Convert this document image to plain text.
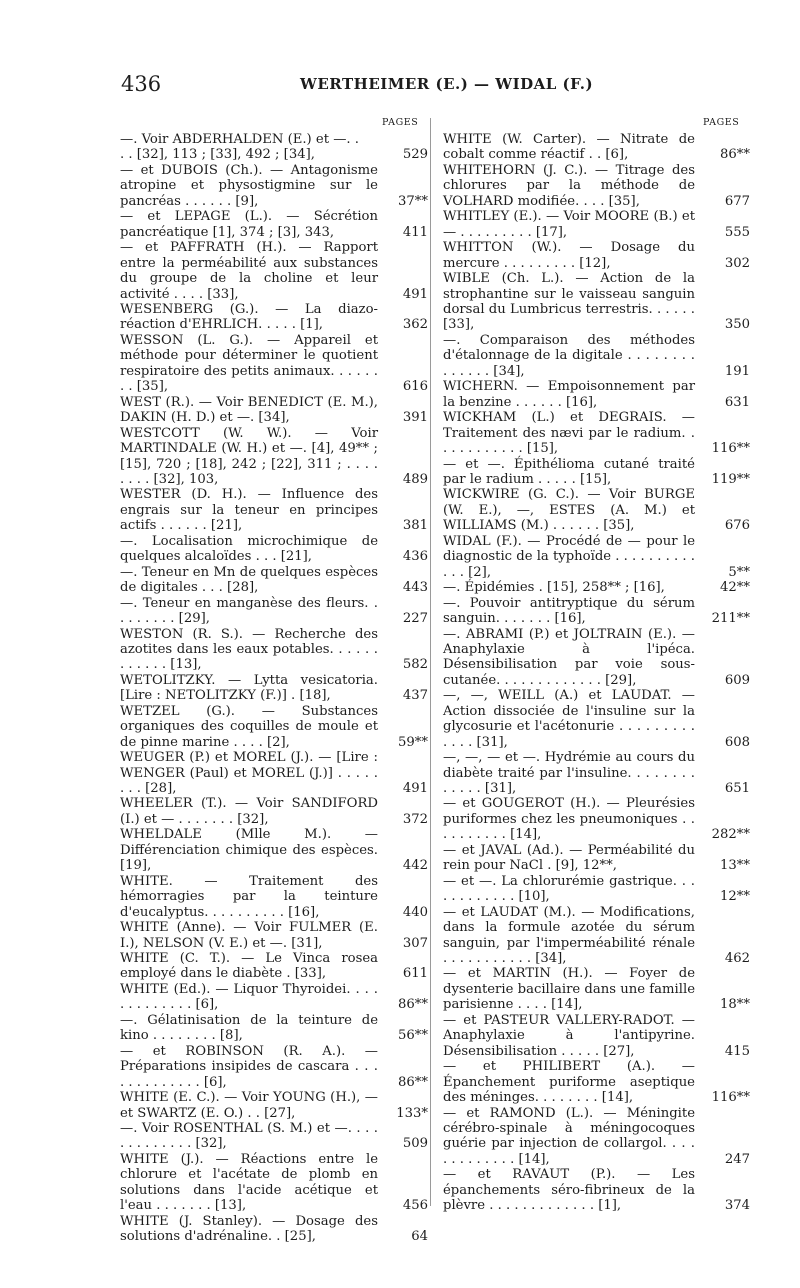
436	WERTHEIMER (E.) — WIDAL (F.)
PAGES	PAGES
—. Voir ABDERHALDEN (E.) et —. .
. . [32], 113 ; [33], 492 ; [34],	529
— et DUBOIS (Ch.). — Antagonisme atropine et physostigmine sur le pancréas . . . . . . [9],	37**
— et LEPAGE (L.). — Sécrétion pancréatique [1], 374 ; [3], 343,	411
— et PAFFRATH (H.). — Rapport entre la perméabilité aux substances du groupe de la choline et leur activité . . . . [33],	491
WESENBERG (G.). — La diazo-réaction d'EHRLICH. . . . . [1],	362
WESSON (L. G.). — Appareil et méthode pour déterminer le quotient respiratoire des petits animaux. . . . . . . . [35],	616
WEST (R.). — Voir BENEDICT (E. M.), DAKIN (H. D.) et —. [34],	391
WESTCOTT (W. W.). — Voir MARTINDALE (W. H.) et —. [4], 49** ; [15], 720 ; [18], 242 ; [22], 311 ; . . . . . . . . [32], 103,	489
WESTER (D. H.). — Influence des engrais sur la teneur en principes actifs . . . . . . [21],	381
—. Localisation microchimique de quelques alcaloïdes . . . [21],	436
—. Teneur en Mn de quelques espèces de digitales . . . [28],	443
—. Teneur en manganèse des fleurs. . . . . . . . . [29],	227
WESTON (R. S.). — Recherche des azotites dans les eaux potables. . . . . . . . . . . . [13],	582
WETOLITZKY. — Lytta vesicatoria. [Lire : NETOLITZKY (F.)] . [18],	437
WETZEL (G.). — Substances organiques des coquilles de moule et de pinne marine . . . . [2],	59**
WEUGER (P.) et MOREL (J.). — [Lire : WENGER (Paul) et MOREL (J.)] . . . . . . . . [28],	491
WHEELER (T.). — Voir SANDIFORD (I.) et — . . . . . . . [32],	372
WHELDALE (Mlle M.). — Différenciation chimique des espèces. [19],	442
WHITE. — Traitement des hémorragies par la teinture d'eucalyptus. . . . . . . . . . [16],	440
WHITE (Anne). — Voir FULMER (E. I.), NELSON (V. E.) et —. [31],	307
WHITE (C. T.). — Le Vinca rosea employé dans le diabète . [33],	611
WHITE (Ed.). — Liquor Thyroidei. . . . . . . . . . . . . [6],	86**
—. Gélatinisation de la teinture de kino . . . . . . . . [8],	56**
— et ROBINSON (R. A.). — Préparations insipides de cascara . . . . . . . . . . . . . [6],	86**
WHITE (E. C.). — Voir YOUNG (H.), — et SWARTZ (E. O.) . . [27],	133*
—. Voir ROSENTHAL (S. M.) et —. . . . . . . . . . . . . [32],	509
WHITE (J.). — Réactions entre le chlorure et l'acétate de plomb en solutions dans l'acide acétique et l'eau . . . . . . . [13],	456
WHITE (J. Stanley). — Dosage des solutions d'adrénaline. . [25],	64
WHITE (W. Carter). — Nitrate de cobalt comme réactif . . [6],	86**
WHITEHORN (J. C.). — Titrage des chlorures par la méthode de VOLHARD modifiée. . . . [35],	677
WHITLEY (E.). — Voir MOORE (B.) et — . . . . . . . . . [17],	555
WHITTON (W.). — Dosage du mercure . . . . . . . . . [12],	302
WIBLE (Ch. L.). — Action de la strophantine sur le vaisseau sanguin dorsal du Lumbricus terrestris. . . . . . [33],	350
—. Comparaison des méthodes d'étalonnage de la digitale . . . . . . . . . . . . . . [34],	191
WICHERN. — Empoisonnement par la benzine . . . . . . [16],	631
WICKHAM (L.) et DEGRAIS. — Traitement des nævi par le radium. . . . . . . . . . . . [15],	116**
— et —. Épithélioma cutané traité par le radium . . . . . [15],	119**
WICKWIRE (G. C.). — Voir BURGE (W. E.), —, ESTES (A. M.) et WILLIAMS (M.) . . . . . . [35],	676
WIDAL (F.). — Procédé de — pour le diagnostic de la typhoïde . . . . . . . . . . . . . [2],	5**
—. Épidémies . [15], 258** ; [16],	42**
—. Pouvoir antitryptique du sérum sanguin. . . . . . . [16],	211**
—. ABRAMI (P.) et JOLTRAIN (E.). — Anaphylaxie à l'ipéca. Désensibilisation par voie sous-cutanée. . . . . . . . . . . . . [29],	609
—, —, WEILL (A.) et LAUDAT. — Action dissociée de l'insuline sur la glycosurie et l'acétonurie . . . . . . . . . . . . . [31],	608
—, —, — et —. Hydrémie au cours du diabète traité par l'insuline. . . . . . . . . . . . . [31],	651
— et GOUGEROT (H.). — Pleurésies puriformes chez les pneumoniques . . . . . . . . . . [14],	282**
— et JAVAL (Ad.). — Perméabilité du rein pour NaCl . [9], 12**,	13**
— et —. La chlorurémie gastrique. . . . . . . . . . . . [10],	12**
— et LAUDAT (M.). — Modifications, dans la formule azotée du sérum sanguin, par l'imperméabilité rénale . . . . . . . . . . . [34],	462
— et MARTIN (H.). — Foyer de dysenterie bacillaire dans une famille parisienne . . . . [14],	18**
— et PASTEUR VALLERY-RADOT. — Anaphylaxie à l'antipyrine. Désensibilisation . . . . . [27],	415
— et PHILIBERT (A.). — Épanchement puriforme aseptique des méninges. . . . . . . . [14],	116**
— et RAMOND (L.). — Méningite cérébro-spinale à méningocoques guérie par injection de collargol. . . . . . . . . . . . . [14],	247
— et RAVAUT (P.). — Les épanchements séro-fibrineux de la plèvre . . . . . . . . . . . . . [1],	374
